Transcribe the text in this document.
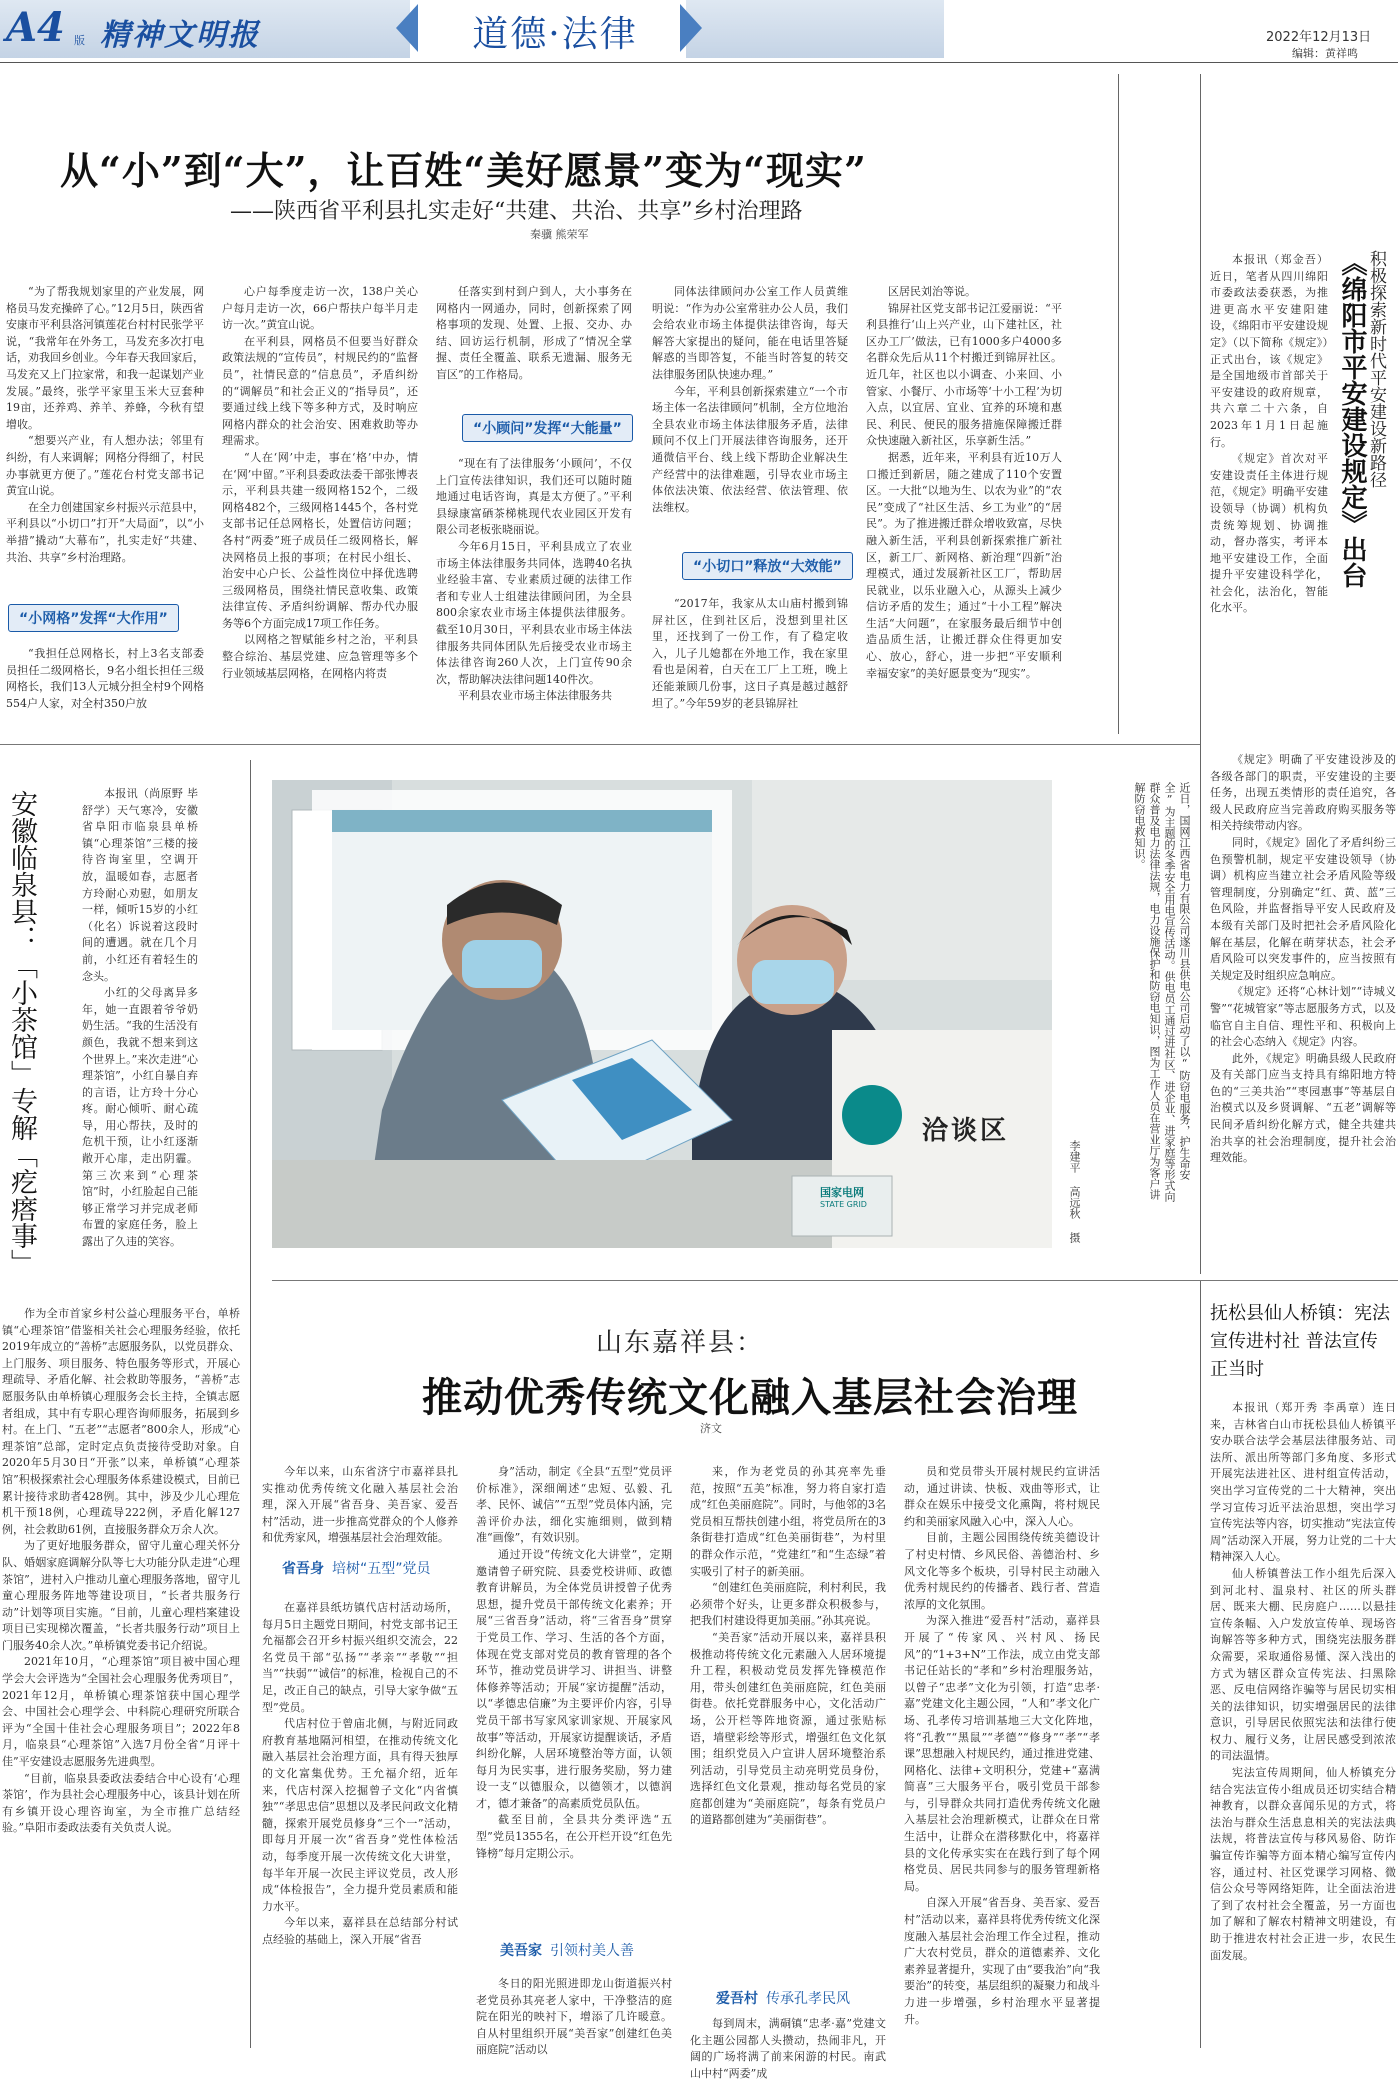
A4 版 精神文明报	道德·法律	2022年12月13日
编辑：黄祥鸣
从“小”到“大”，让百姓“美好愿景”变为“现实”
——陕西省平利县扎实走好“共建、共治、共享”乡村治理路
秦骥 熊荣军

“为了帮我规划家里的产业发展，网格员马发充操碎了心。”12月5日，陕西省安康市平利县洛河镇莲花台村村民张学平说，“我常年在外务工，马发充多次打电话，劝我回乡创业。今年春天我回家后，马发充又上门拉家常，和我一起谋划产业发展。”最终，张学平家里玉米大豆套种19亩，还养鸡、养羊、养蜂，今秋有望增收。

“想要兴产业，有人想办法；邻里有纠纷，有人来调解；网格分得细了，村民办事就更方便了。”莲花台村党支部书记黄宜山说。

在全力创建国家乡村振兴示范县中，平利县以“小切口”打开“大局面”，以“小举措”撬动“大幕布”，扎实走好“共建、共治、共享”乡村治理路。

“小网格”发挥“大作用”

“我担任总网格长，村上3名支部委员担任二级网格长，9名小组长担任三级网格长，我们13人元城分担全村9个网格554户人家，对全村350户放

心户每季度走访一次，138户关心户每月走访一次，66户帮扶户每半月走访一次。”黄宜山说。

在平利县，网格员不但要当好群众政策法规的“宣传员”，村规民约的“监督员”，社情民意的“信息员”，矛盾纠纷的“调解员”和社会正义的“指导员”，还要通过线上线下等多种方式，及时响应网格内群众的社会治安、困难救助等办理需求。

“人在‘网’中走，事在‘格’中办，情在‘网’中留。”平利县委政法委干部张博表示，平利县共建一级网格152个，二级网格482个，三级网格1445个，各村党支部书记任总网格长，处置信访问题；各村“两委”班子成员任二级网格长，解决网格员上报的事项；在村民小组长、治安中心户长、公益性岗位中择优选聘三级网格员，围绕社情民意收集、政策法律宣传、矛盾纠纷调解、帮办代办服务等6个方面完成17项工作任务。

以网格之智赋能乡村之治，平利县整合综治、基层党建、应急管理等多个行业领域基层网格，在网格内将责

任落实到村到户到人，大小事务在网格内一网通办，同时，创新探索了网格事项的发现、处置、上报、交办、办结、回访运行机制，形成了“情况全掌握、责任全覆盖、联系无遗漏、服务无盲区”的工作格局。

“小顾问”发挥“大能量”

“现在有了法律服务‘小顾问’，不仅上门宣传法律知识，我们还可以随时随地通过电话咨询，真是太方便了。”平利县绿康富硒茶梯桃现代农业园区开发有限公司老板张晓丽说。

今年6月15日，平利县成立了农业市场主体法律服务共同体，选聘40名执业经验丰富、专业素质过硬的法律工作者和专业人士组建法律顾问团，为全县800余家农业市场主体提供法律服务。截至10月30日，平利县农业市场主体法律服务共同体团队先后接受农业市场主体法律咨询260人次，上门宣传90余次，帮助解决法律问题140件次。

平利县农业市场主体法律服务共

同体法律顾问办公室工作人员黄维明说：“作为办公室常驻办公人员，我们会给农业市场主体提供法律咨询，每天解答大家提出的疑问，能在电话里答疑解惑的当即答复，不能当时答复的转交法律服务团队快速办理。”

今年，平利县创新探索建立“一个市场主体一名法律顾问”机制，全方位地治全县农业市场主体法律服务矛盾，法律顾问不仅上门开展法律咨询服务，还开通微信平台、线上线下帮助企业解决生产经营中的法律难题，引导农业市场主体依法决策、依法经营、依法管理、依法维权。

“小切口”释放“大效能”

“2017年，我家从太山庙村搬到锦屏社区，住到社区后，没想到里社区里，还找到了一份工作，有了稳定收入，儿子儿媳都在外地工作，我在家里看也是闲着，白天在工厂上工班，晚上还能兼顾几份事，这日子真是越过越舒坦了。”今年59岁的老县锦屏社

区居民刘治等说。

锦屏社区党支部书记江爱丽说：“平利县推行‘山上兴产业，山下建社区，社区办工厂’做法，已有1000多户4000多名群众先后从11个村搬迁到锦屏社区。近几年，社区也以小调查、小来回、小管家、小餐厅、小市场等‘十小工程’为切入点，以宜居、宜业、宜养的环境和惠民、利民、便民的服务措施保障搬迁群众快速融入新社区，乐享新生活。”

据悉，近年来，平利县有近10万人口搬迁到新居，随之建成了110个安置区。一大批“以地为生、以农为业”的“农民”变成了“社区生活、乡工为业”的“居民”。为了推进搬迁群众增收致富，尽快融入新生活，平利县创新探索推广新社区，新工厂、新网格、新治理“四新”治理模式，通过发展新社区工厂，帮助居民就业，以乐业融入心，从源头上减少信访矛盾的发生；通过“十小工程”解决生活“大问题”，在家服务最后细节中创造品质生活，让搬迁群众住得更加安心、放心，舒心，进一步把“平安顺利 幸福安家”的美好愿景变为“现实”。

《绵阳市平安建设规定》出台 积极探索新时代平安建设新路径

本报讯（郑金吾）近日，笔者从四川绵阳市委政法委获悉，为推进更高水平安建阳建设，《绵阳市平安建设规定》（以下简称《规定》）正式出台，该《规定》是全国地级市首部关于平安建设的政府规章，共六章二十六条，自2023年1月1日起施行。

《规定》首次对平安建设责任主体进行规范，《规定》明确平安建设领导（协调）机构负责统筹规划、协调推动，督办落实，考评本地平安建设工作，全面提升平安建设科学化，社会化，法治化，智能化水平。

《规定》明确了平安建设涉及的各级各部门的职责，平安建设的主要任务，出现五类情形的责任追究，各级人民政府应当完善政府购买服务等相关持续带动内容。

同时，《规定》固化了矛盾纠纷三色预警机制，规定平安建设领导（协调）机构应当建立社会矛盾风险等级管理制度，分别确定“红、黄、蓝”三色风险，并监督指导平安人民政府及本级有关部门及时把社会矛盾风险化解在基层，化解在萌芽状态，社会矛盾风险可以突发事件的，应当按照有关规定及时组织应急响应。

《规定》还将“心林计划”“诗城义警”“花城管家”等志愿服务方式，以及临官自主自信、理性平和、积极向上的社会心态纳入《规定》内容。

此外，《规定》明确县级人民政府及有关部门应当支持具有绵阳地方特色的“三美共治”“枣园惠事”等基层自治模式以及乡贤调解、“五老”调解等民间矛盾纠纷化解方式，健全共建共治共享的社会治理制度，提升社会治理效能。

安徽临泉县：「小茶馆」专解「疙瘩事」	本报讯（尚原野 毕舒学）天气寒冷，安徽省阜阳市临泉县单桥镇“心理茶馆”三楼的接待咨询室里，空调开放，温暖如春，志愿者方玲耐心劝慰，如朋友一样，倾听15岁的小红（化名）诉说着这段时间的遭遇。就在几个月前，小红还有着轻生的念头。

小红的父母离异多年，她一直跟着爷爷奶奶生活。“我的生活没有颜色，我就不想来到这个世界上。”来次走进“心理茶馆”，小红自暴自弃的言语，让方玲十分心疼。耐心倾听、耐心疏导，用心帮扶，及时的危机干预，让小红逐渐敞开心扉，走出阴霾。第三次来到“心理茶馆”时，小红脸起自己能够正常学习并完成老师布置的家庭任务，脸上露出了久违的笑容。

作为全市首家乡村公益心理服务平台，单桥镇“心理茶馆”借鉴相关社会心理服务经验，依托2019年成立的“善桥”志愿服务队，以党员群众、上门服务、项目服务、特色服务等形式，开展心理疏导、矛盾化解、社会救助等服务，“善桥”志愿服务队由单桥镇心理服务会长主持，全镇志愿者组成，其中有专职心理咨询师服务，拓展到乡村。在上门、“五老”“志愿者”800余人，形成“心理茶馆”总部，定时定点负责接待受助对象。自2020年5月30日“开张”以来，单桥镇“心理茶馆”积极探索社会心理服务体系建设模式，目前已累计接待求助者428例。其中，涉及少儿心理危机干预18例，心理疏导222例，矛盾化解127例，社会救助61例，直接服务群众万余人次。

为了更好地服务群众，留守儿童心理关怀分队、婚姻家庭调解分队等七大功能分队走进“心理茶馆”，进村入户推动儿童心理服务落地，留守儿童心理服务阵地等建设项目，“长者共服务行动”计划等项目实施。“目前，儿童心理档案建设项目已实现梯次覆盖，“长者共服务行动”项目上门服务40余人次。”单桥镇党委书记介绍说。

2021年10月，“心理茶馆”项目被中国心理学会大会评选为“全国社会心理服务优秀项目”，2021年12月，单桥镇心理茶馆获中国心理学会、中国社会心理学会、中科院心理研究所联合评为“全国十佳社会心理服务项目”；2022年8月，临泉县“心理茶馆”入选7月份全省“月评十佳”平安建设志愿服务先进典型。

“目前，临泉县委政法委结合中心设有‘心理茶馆’，作为县社会心理服务中心，该县计划在所有乡镇开设心理咨询室，为全市推广总结经验。”阜阳市委政法委有关负责人说。

洽谈区
国家电网
STATE GRID
近日，国网江西省电力有限公司遂川县供电公司启动了以“防窃电服务，护生命安全”为主题的冬季安全用电宣传活动。供电员工通过进社区、进企业、进家庭等形式向群众普及电力法律法规，电力设施保护和防窃电知识，图为工作人员在营业厅为客户讲解防窃电救知识。
李建平 高远秋 摄
山东嘉祥县：
推动优秀传统文化融入基层社会治理
济文

今年以来，山东省济宁市嘉祥县扎实推动优秀传统文化融入基层社会治理，深入开展“省吾身、美吾家、爱吾村”活动，进一步推高党群众的个人修养和优秀家风，增强基层社会治理效能。

省吾身 培树“五型”党员

在嘉祥县纸坊镇代店村活动场所，每月5日主题党日期间，村党支部书记王允福都会召开乡村振兴组织交流会，22名党员干部“弘扬”“孝亲”“孝敬”“担当”“扶弱”“诚信”的标准，检视自己的不足，改正自己的缺点，引导大家争做“五型”党员。

代店村位于曾庙北侧，与附近同政府教育基地隔河相望，在推动传统文化融入基层社会治理方面，具有得天独厚的文化富集优势。王允福介绍，近年来，代店村深入挖掘曾子文化“内省慎独”“孝思忠信”思想以及孝民问政文化精髓，探索开展党员修身“三个一”活动，即每月开展一次“省吾身”党性体检活动，每季度开展一次传统文化大讲堂，每半年开展一次民主评议党员，改人形成“体检报告”，全力提升党员素质和能力水平。

今年以来，嘉祥县在总结部分村试点经验的基础上，深入开展“省吾

身”活动，制定《全县“五型”党员评价标准》，深细阐述“忠短、弘毅、孔孝、民怀、诚信”“五型”党员体内涵，完善评价办法，细化实施细则，做到精准“画像”，有效识别。

通过开设“传统文化大讲堂”，定期邀请曾子研究院、县委党校讲师、政德教育讲解员，为全体党员讲授曾子优秀思想，提升党员干部传统文化素养；开展“三省吾身”活动，将“三省吾身”贯穿于党员工作、学习、生活的各个方面，体现在党支部对党员的教育管理的各个环节，推动党员讲学习、讲担当、讲整体修养等活动；开展“家访提醒”活动，以“孝德忠信廉”为主要评价内容，引导党员干部书写家风家训家规、开展家风故事”等活动，开展家访提醒谈话，矛盾纠纷化解，人居环境整治等方面，认领每月为民实事，进行服务奖励，努力建设一支“以德服众，以德领才，以德润才，德才兼备”的高素质党员队伍。

截至目前，全县共分类评选“五型”党员1355名，在公开栏开设“红色先锋榜”每月定期公示。

美吾家 引领村美人善

冬日的阳光照进即龙山街道振兴村老党员孙其亮老人家中，干净整洁的庭院在阳光的映衬下，增添了几许暖意。自从村里组织开展“美吾家”创建红色美丽庭院”活动以

来，作为老党员的孙其亮率先垂范，按照“五美”标准，努力将自家打造成“红色美丽庭院”。同时，与他邻的3名党员相互帮扶创建小组，将党员所在的3条街巷打造成“红色美丽街巷”，为村里的群众作示范，“党建红”和“生态绿”着实吸引了村子的新美丽。

“创建红色美丽庭院，利村利民，我必须带个好头，让更多群众积极参与，把我们村建设得更加美丽。”孙其亮说。

“美吾家”活动开展以来，嘉祥县积极推动将传统文化元素融入人居环境提升工程，积极动党员发挥先锋模范作用，带头创建红色美丽庭院，红色美丽街巷。依托党群服务中心，文化活动广场，公开栏等阵地资源，通过张贴标语，墙壁彩绘等形式，增强红色文化氛围；组织党员入户宣讲人居环境整治系列活动，引导党员主动亮明党员身份，选择红色文化景观，推动每名党员的家庭都创建为“美丽庭院”，每条有党员户的道路都创建为“美丽街巷”。

爱吾村 传承孔孝民风

每到周末，满硐镇“忠孝·嘉”党建文化主题公园都人头攒动，热闹非凡，开阔的广场将满了前来闲游的村民。南武山中村“两委”成

员和党员带头开展村规民约宣讲活动，通过讲读、快板、戏曲等形式，让群众在娱乐中接受文化熏陶，将村规民约和美丽家风融入心中，深入人心。

目前，主题公园围绕传统美德设计了村史村情、乡风民俗、善德治村、乡风文化等多个板块，引导村民主动融入优秀村规民约的传播者、践行者、营造浓厚的文化氛围。

为深入推进“爱吾村”活动，嘉祥县开展了“传家风、兴村风、扬民风”的“1+3+N”工作法，成立由党支部书记任站长的“孝和”乡村治理服务站，以曾子“忠孝”文化为引领，打造“忠孝·嘉”党建文化主题公园，“人和”孝文化广场、孔孝传习培训基地三大文化阵地，将“孔教”“黑鼠”“孝德”“修身”“孝”“孝课”思想融入村规民约，通过推进党建、网格化、法律+文明积分，党建+“嘉满简喜”三大服务平台，吸引党员干部参与，引导群众共同打造优秀传统文化融入基层社会治理新模式，让群众在日常生活中，让群众在潜移默化中，将嘉祥县的文化传承实实在在践行到了每个网格党员、居民共同参与的服务管理新格局。

自深入开展“省吾身、美吾家、爱吾村”活动以来，嘉祥县将优秀传统文化深度融入基层社会治理工作全过程，推动广大农村党员，群众的道德素养、文化素养显著提升，实现了由“要我治”向“我要治”的转变，基层组织的凝聚力和战斗力进一步增强，乡村治理水平显著提升。

抚松县仙人桥镇：宪法宣传进村社 普法宣传正当时

本报讯（郑开秀 李禹章）连日来，吉林省白山市抚松县仙人桥镇平安办联合法学会基层法律服务站、司法所、派出所等部门多角度、多形式开展宪法进社区、进村组宣传活动，突出学习宣传党的二十大精神，突出学习宣传习近平法治思想，突出学习宣传宪法等内容，切实推动“宪法宣传周”活动深入开展，努力让党的二十大精神深入人心。

仙人桥镇普法工作小组先后深入到河北村、温泉村、社区的所头群居、既来大棚、民房庭户……以悬挂宣传条幅、入户发放宣传单、现场咨询解答等多种方式，围绕宪法服务群众需要，采取通俗易懂、深入浅出的方式为辖区群众宣传宪法、扫黑除恶、反电信网络诈骗等与居民切实相关的法律知识，切实增强居民的法律意识，引导居民依照宪法和法律行使权力、履行义务，让居民感受到浓浓的司法温情。

宪法宣传周期间，仙人桥镇充分结合宪法宣传小组成员还切实结合精神教育，以群众喜闻乐见的方式，将法治与群众生活息息相关的宪法法典法规，将普法宣传与移风易俗、防诈骗宣传诈骗等方面本精心编写宣传内容，通过村、社区党课学习网格、微信公众号等网络矩阵，让全面法治进了到了农村社会全覆盖，另一方面也加了解和了解农村精神文明建设，有助于推进农村社会正进一步，农民生面发展。
